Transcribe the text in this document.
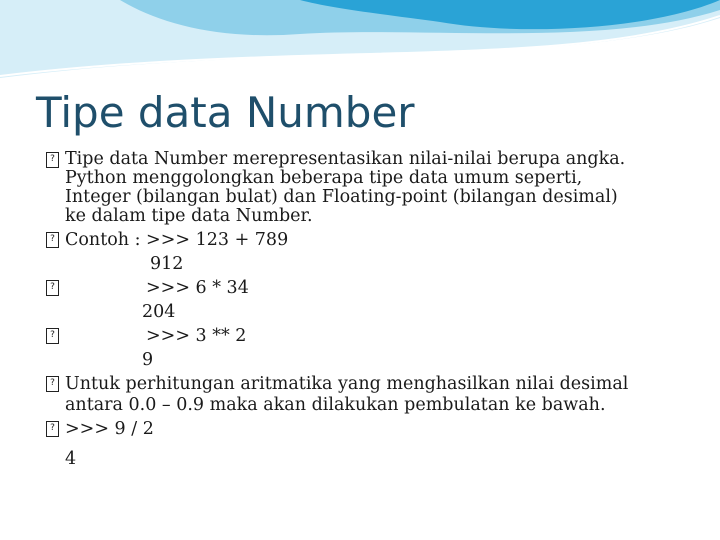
Tipe data Number
? Tipe data Number merepresentasikan nilai-nilai berupa angka.
Python menggolongkan beberapa tipe data umum seperti,
Integer (bilangan bulat) dan Floating-point (bilangan desimal)
ke dalam tipe data Number.
? Contoh : >>> 123 + 789
912
?	>>> 6 * 34
204
?	>>> 3 ** 2
9
? Untuk perhitungan aritmatika yang menghasilkan nilai desimal
antara 0.0 – 0.9 maka akan dilakukan pembulatan ke bawah.
? >>> 9 / 2
4
